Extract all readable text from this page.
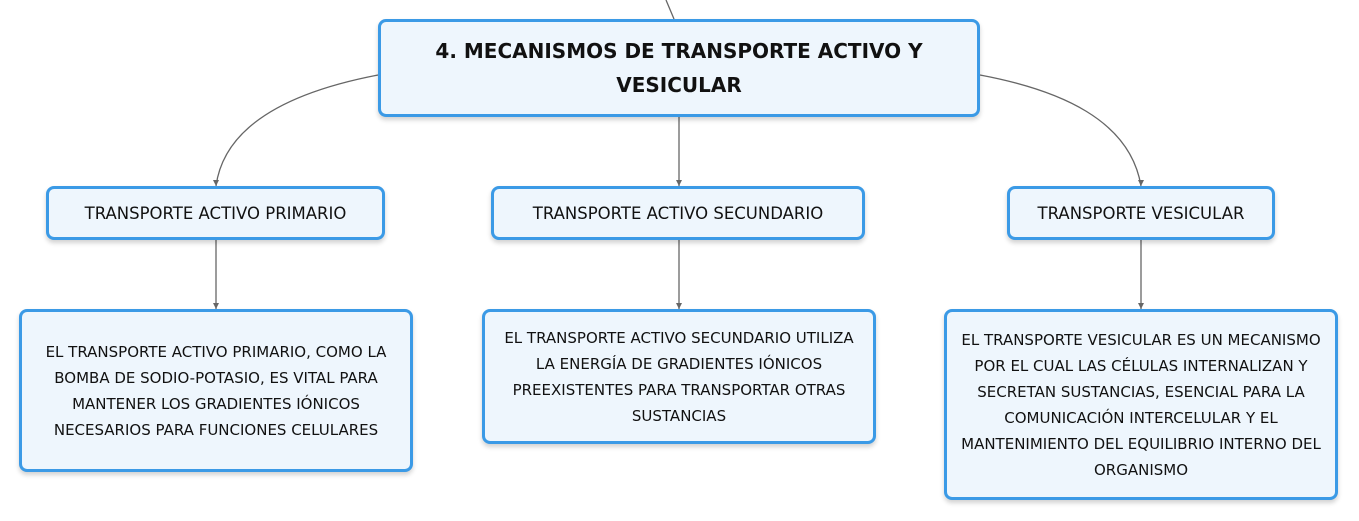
4. MECANISMOS DE TRANSPORTE ACTIVO Y VESICULAR
TRANSPORTE ACTIVO PRIMARIO	TRANSPORTE ACTIVO SECUNDARIO	TRANSPORTE VESICULAR
EL TRANSPORTE ACTIVO PRIMARIO, COMO LA BOMBA DE SODIO-POTASIO, ES VITAL PARA MANTENER LOS GRADIENTES IÓNICOS NECESARIOS PARA FUNCIONES CELULARES
EL TRANSPORTE ACTIVO SECUNDARIO UTILIZA LA ENERGÍA DE GRADIENTES IÓNICOS PREEXISTENTES PARA TRANSPORTAR OTRAS SUSTANCIAS
EL TRANSPORTE VESICULAR ES UN MECANISMO POR EL CUAL LAS CÉLULAS INTERNALIZAN Y SECRETAN SUSTANCIAS, ESENCIAL PARA LA COMUNICACIÓN INTERCELULAR Y EL MANTENIMIENTO DEL EQUILIBRIO INTERNO DEL ORGANISMO
